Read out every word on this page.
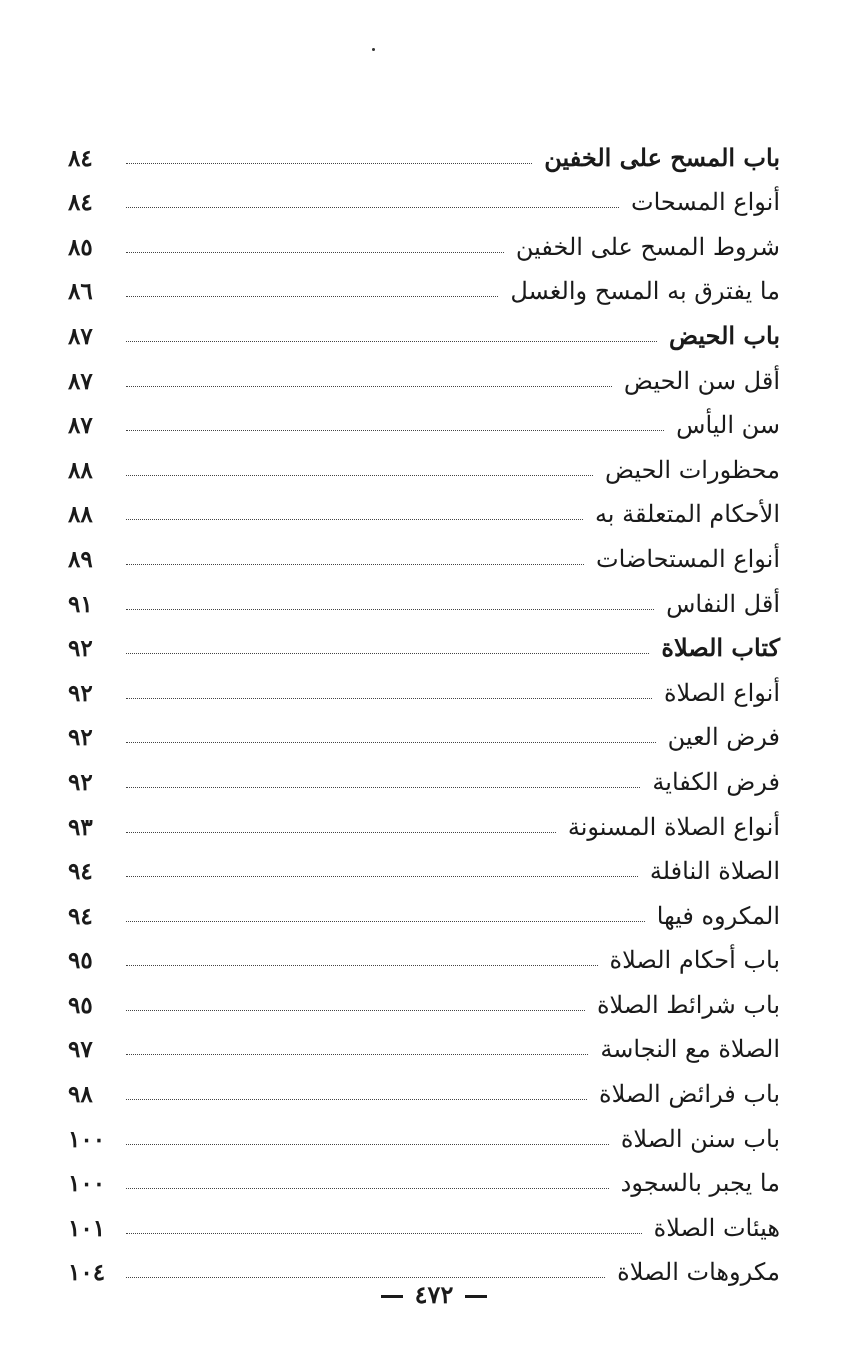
باب المسح على الخفين
٨٤
أنواع المسحات
٨٤
شروط المسح على الخفين
٨٥
ما يفترق به المسح والغسل
٨٦
باب الحيض
٨٧
أقل سن الحيض
٨٧
سن اليأس
٨٧
محظورات الحيض
٨٨
الأحكام المتعلقة به
٨٨
أنواع المستحاضات
٨٩
أقل النفاس
٩١
كتاب الصلاة
٩٢
أنواع الصلاة
٩٢
فرض العين
٩٢
فرض الكفاية
٩٢
أنواع الصلاة المسنونة
٩٣
الصلاة النافلة
٩٤
المكروه فيها
٩٤
باب أحكام الصلاة
٩٥
باب شرائط الصلاة
٩٥
الصلاة مع النجاسة
٩٧
باب فرائض الصلاة
٩٨
باب سنن الصلاة
١٠٠
ما يجبر بالسجود
١٠٠
هيئات الصلاة
١٠١
مكروهات الصلاة
١٠٤
٤٧٢
